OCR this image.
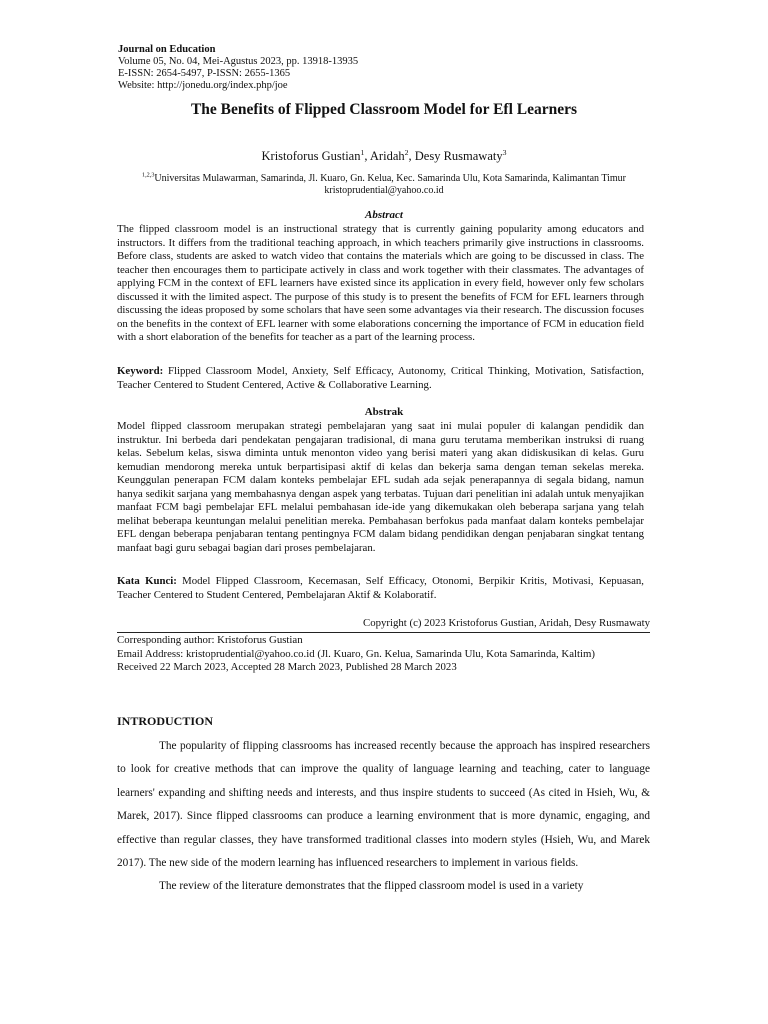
Journal on Education
Volume 05, No. 04, Mei-Agustus 2023, pp. 13918-13935
E-ISSN: 2654-5497, P-ISSN: 2655-1365
Website: http://jonedu.org/index.php/joe
The Benefits of Flipped Classroom Model for Efl Learners
Kristoforus Gustian$^1$, Aridah$^2$, Desy Rusmawaty$^3$
$^{1,2,3}$Universitas Mulawarman, Samarinda, Jl. Kuaro, Gn. Kelua, Kec. Samarinda Ulu, Kota Samarinda, Kalimantan Timur
kristoprudential@yahoo.co.id
Abstract
The flipped classroom model is an instructional strategy that is currently gaining popularity among educators and instructors. It differs from the traditional teaching approach, in which teachers primarily give instructions in classrooms. Before class, students are asked to watch video that contains the materials which are going to be discussed in class. The teacher then encourages them to participate actively in class and work together with their classmates. The advantages of applying FCM in the context of EFL learners have existed since its application in every field, however only few scholars discussed it with the limited aspect. The purpose of this study is to present the benefits of FCM for EFL learners through discussing the ideas proposed by some scholars that have seen some advantages via their research. The discussion focuses on the benefits in the context of EFL learner with some elaborations concerning the importance of FCM in education field with a short elaboration of the benefits for teacher as a part of the learning process.
Keyword: Flipped Classroom Model, Anxiety, Self Efficacy, Autonomy, Critical Thinking, Motivation, Satisfaction, Teacher Centered to Student Centered, Active & Collaborative Learning.
Abstrak
Model flipped classroom merupakan strategi pembelajaran yang saat ini mulai populer di kalangan pendidik dan instruktur. Ini berbeda dari pendekatan pengajaran tradisional, di mana guru terutama memberikan instruksi di ruang kelas. Sebelum kelas, siswa diminta untuk menonton video yang berisi materi yang akan didiskusikan di kelas. Guru kemudian mendorong mereka untuk berpartisipasi aktif di kelas dan bekerja sama dengan teman sekelas mereka. Keunggulan penerapan FCM dalam konteks pembelajar EFL sudah ada sejak penerapannya di segala bidang, namun hanya sedikit sarjana yang membahasnya dengan aspek yang terbatas. Tujuan dari penelitian ini adalah untuk menyajikan manfaat FCM bagi pembelajar EFL melalui pembahasan ide-ide yang dikemukakan oleh beberapa sarjana yang telah melihat beberapa keuntungan melalui penelitian mereka. Pembahasan berfokus pada manfaat dalam konteks pembelajar EFL dengan beberapa penjabaran tentang pentingnya FCM dalam bidang pendidikan dengan penjabaran singkat tentang manfaat bagi guru sebagai bagian dari proses pembelajaran.
Kata Kunci: Model Flipped Classroom, Kecemasan, Self Efficacy, Otonomi, Berpikir Kritis, Motivasi, Kepuasan, Teacher Centered to Student Centered, Pembelajaran Aktif & Kolaboratif.
Copyright (c) 2023 Kristoforus Gustian, Aridah, Desy Rusmawaty
Corresponding author: Kristoforus Gustian
Email Address: kristoprudential@yahoo.co.id (Jl. Kuaro, Gn. Kelua, Samarinda Ulu, Kota Samarinda, Kaltim)
Received 22 March 2023, Accepted 28 March 2023, Published 28 March 2023
INTRODUCTION

The popularity of flipping classrooms has increased recently because the approach has inspired researchers to look for creative methods that can improve the quality of language learning and teaching, cater to language learners' expanding and shifting needs and interests, and thus inspire students to succeed (As cited in Hsieh, Wu, & Marek, 2017). Since flipped classrooms can produce a learning environment that is more dynamic, engaging, and effective than regular classes, they have transformed traditional classes into modern styles (Hsieh, Wu, and Marek 2017). The new side of the modern learning has influenced researchers to implement in various fields.

The review of the literature demonstrates that the flipped classroom model is used in a variety
